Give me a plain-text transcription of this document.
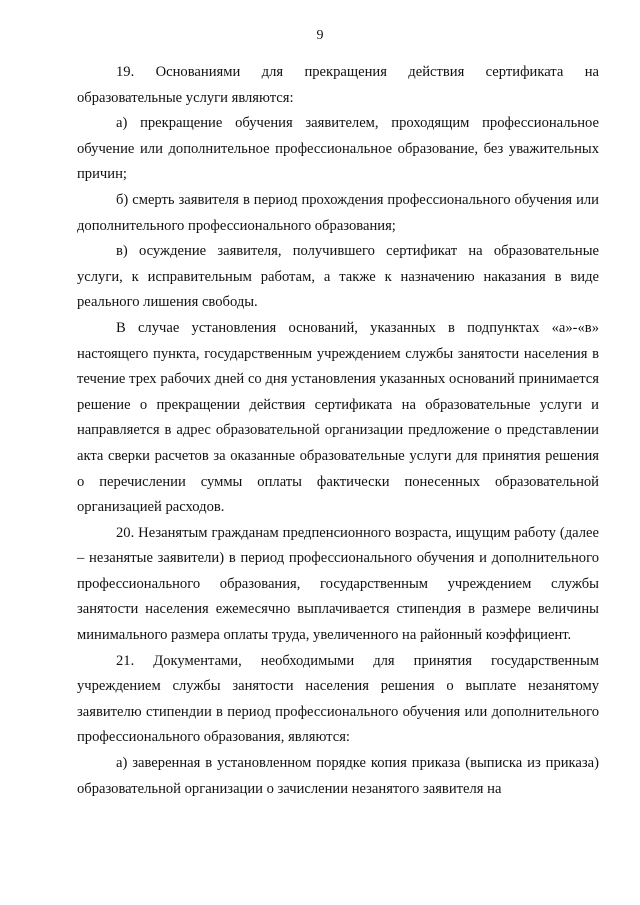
9

19. Основаниями для прекращения действия сертификата на образовательные услуги являются:

а) прекращение обучения заявителем, проходящим профессиональное обучение или дополнительное профессиональное образование, без уважительных причин;

б) смерть заявителя в период прохождения профессионального обучения или дополнительного профессионального образования;

в) осуждение заявителя, получившего сертификат на образовательные услуги, к исправительным работам, а также к назначению наказания в виде реального лишения свободы.

В случае установления оснований, указанных в подпунктах «а»-«в» настоящего пункта, государственным учреждением службы занятости населения в течение трех рабочих дней со дня установления указанных оснований принимается решение о прекращении действия сертификата на образовательные услуги и направляется в адрес образовательной организации предложение о представлении акта сверки расчетов за оказанные образовательные услуги для принятия решения о перечислении суммы оплаты фактически понесенных образовательной организацией расходов.

20. Незанятым гражданам предпенсионного возраста, ищущим работу (далее – незанятые заявители) в период профессионального обучения и дополнительного профессионального образования, государственным учреждением службы занятости населения ежемесячно выплачивается стипендия в размере величины минимального размера оплаты труда, увеличенного на районный коэффициент.

21. Документами, необходимыми для принятия государственным учреждением службы занятости населения решения о выплате незанятому заявителю стипендии в период профессионального обучения или дополнительного профессионального образования, являются:

а) заверенная в установленном порядке копия приказа (выписка из приказа) образовательной организации о зачислении незанятого заявителя на
